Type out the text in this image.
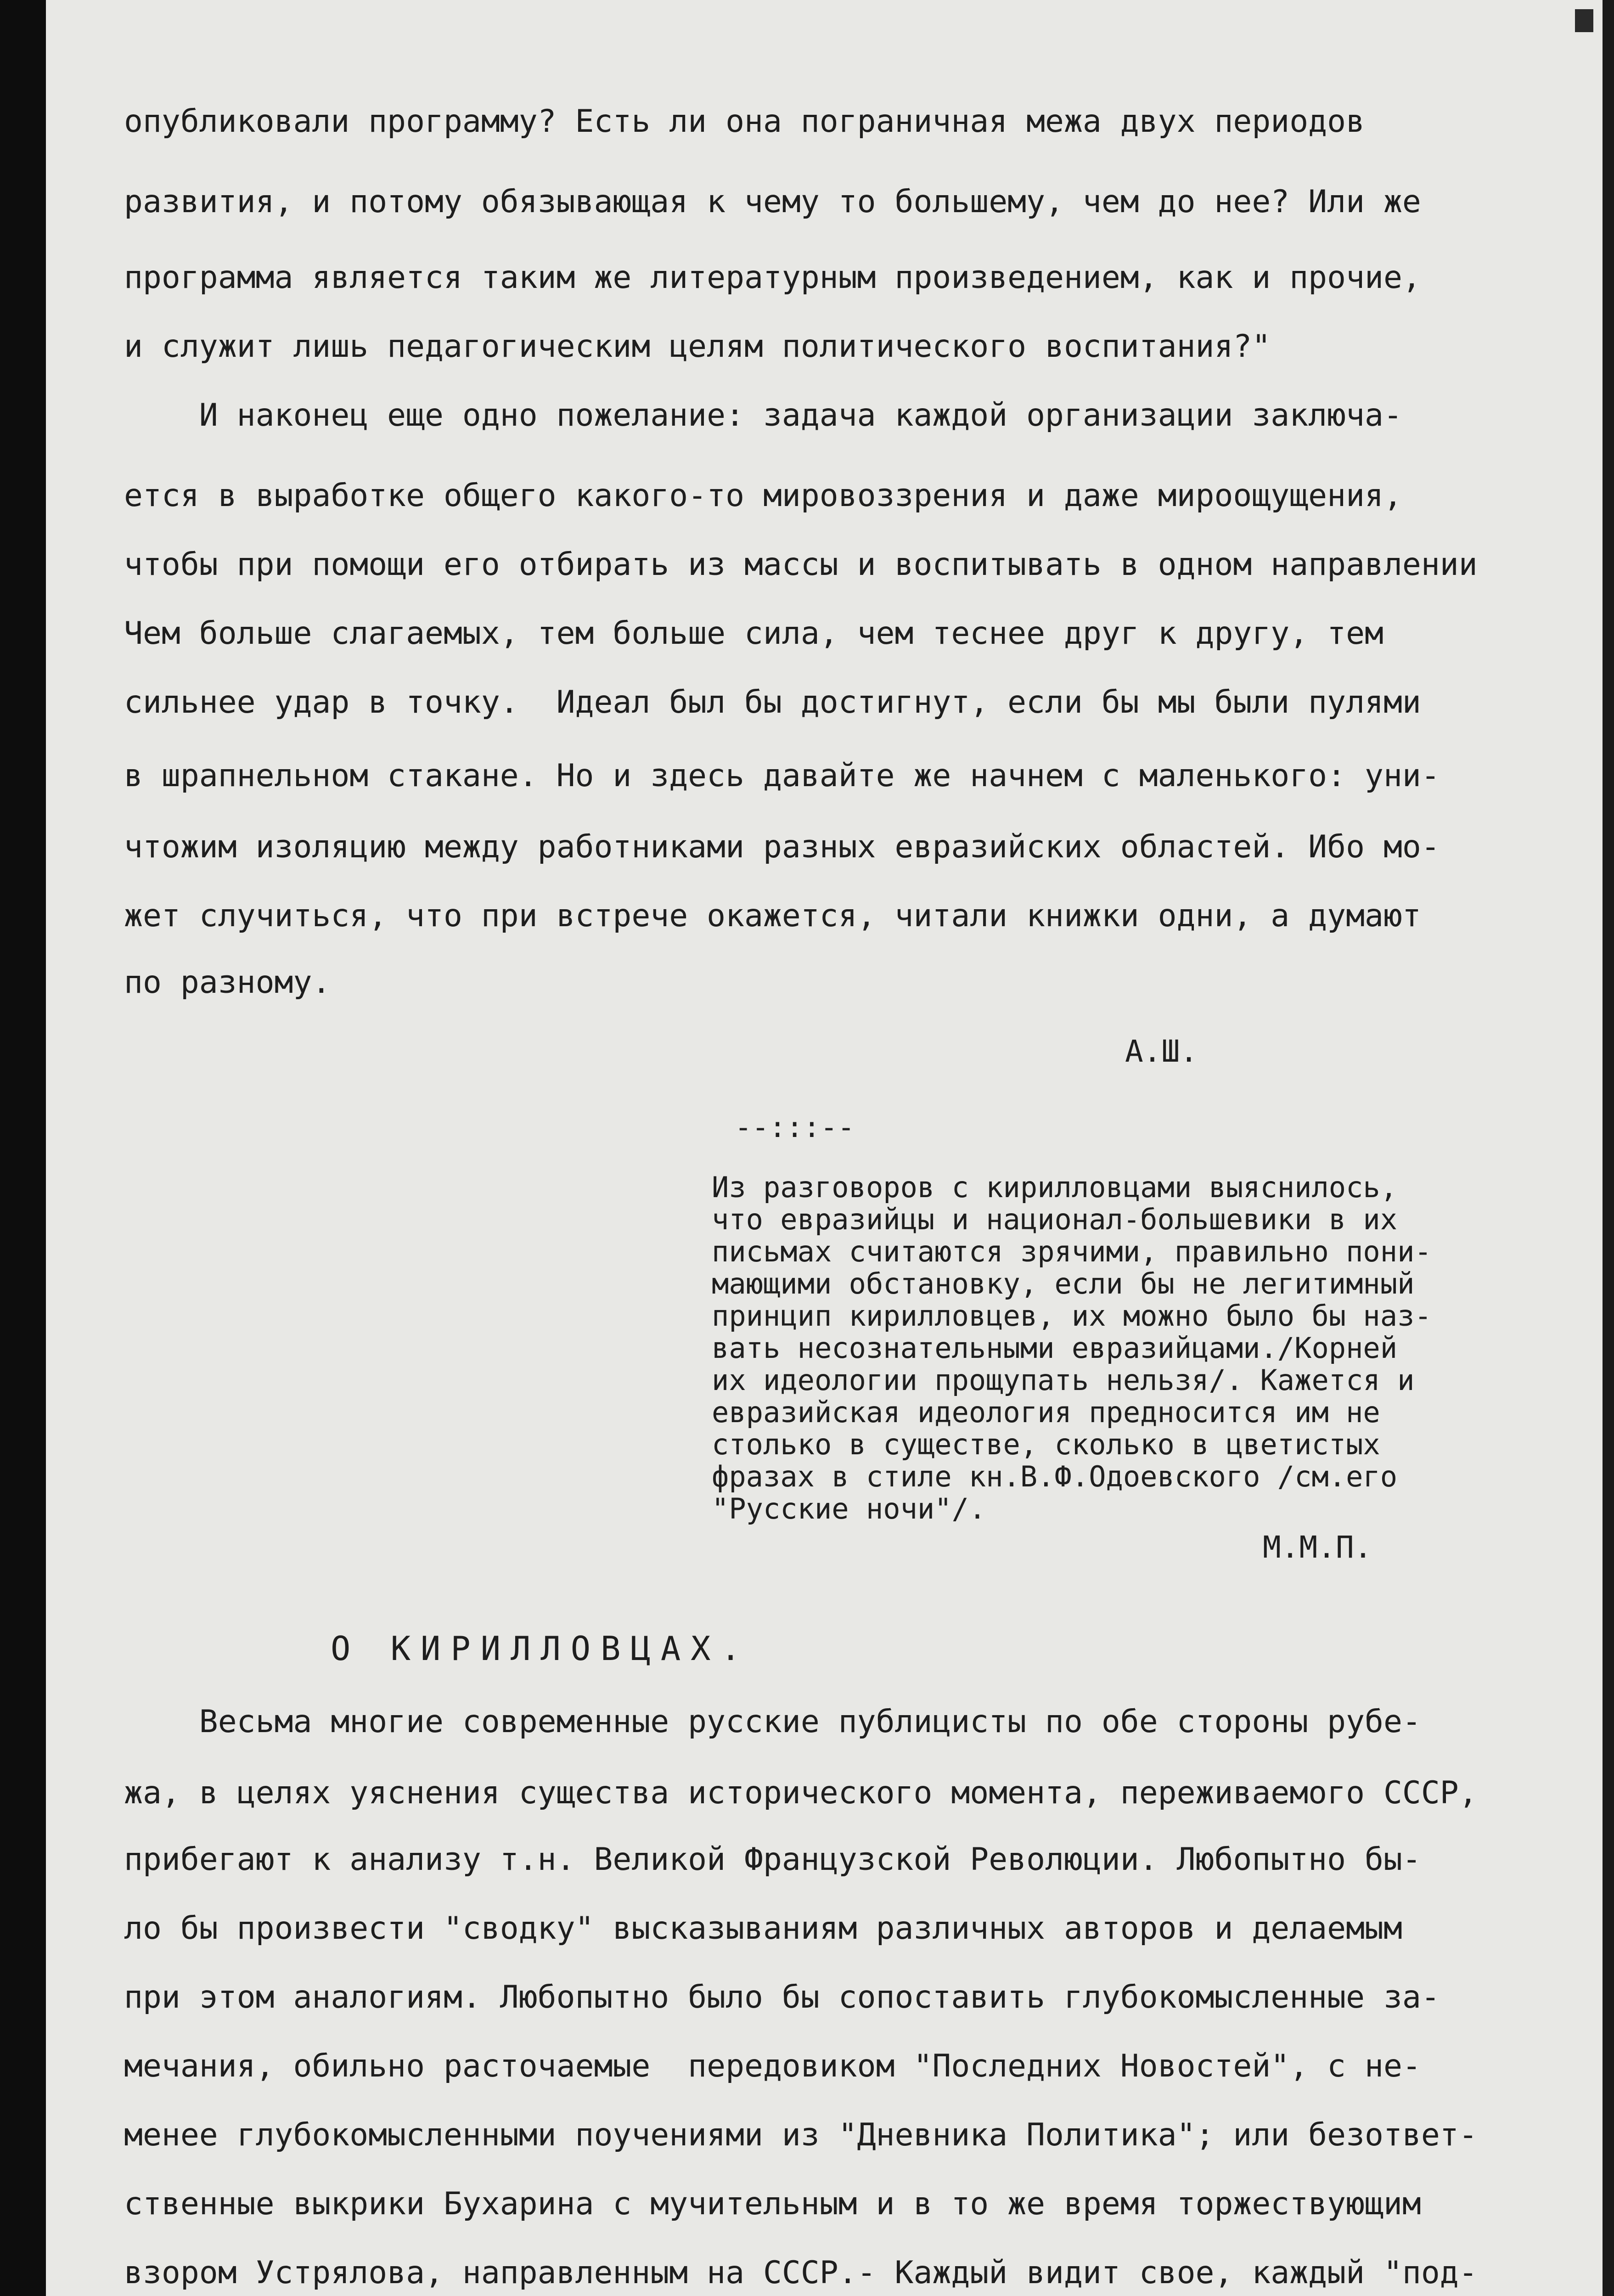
опубликовали программу? Есть ли она пограничная межа двух периодов
развития, и потому обязывающая к чему то большему, чем до нее? Или же
программа является таким же литературным произведением, как и прочие,
и служит лишь педагогическим целям политического воспитания?"
И наконец еще одно пожелание: задача каждой организации заключа-
ется в выработке общего какого-то мировоззрения и даже мироощущения,
чтобы при помощи его отбирать из массы и воспитывать в одном направлении
Чем больше слагаемых, тем больше сила, чем теснее друг к другу, тем
сильнее удар в точку.  Идеал был бы достигнут, если бы мы были пулями
в шрапнельном стакане. Но и здесь давайте же начнем с маленького: уни-
чтожим изоляцию между работниками разных евразийских областей. Ибо мо-
жет случиться, что при встрече окажется, читали книжки одни, а думают
по разному.
А.Ш.
--:::--
Из разговоров с кирилловцами выяснилось,
что евразийцы и национал-большевики в их
письмах считаются зрячими, правильно пони-
мающими обстановку, если бы не легитимный
принцип кирилловцев, их можно было бы наз-
вать несознательными евразийцами./Корней
их идеологии прощупать нельзя/. Кажется и
евразийская идеология предносится им не
столько в существе, сколько в цветистых
фразах в стиле кн.В.Ф.Одоевского /см.его
"Русские ночи"/.
М.М.П.
О КИРИЛЛОВЦАХ.
Весьма многие современные русские публицисты по обе стороны рубе-
жа, в целях уяснения существа исторического момента, переживаемого СССР,
прибегают к анализу т.н. Великой Французской Революции. Любопытно бы-
ло бы произвести "сводку" высказываниям различных авторов и делаемым
при этом аналогиям. Любопытно было бы сопоставить глубокомысленные за-
мечания, обильно расточаемые  передовиком "Последних Новостей", с не-
менее глубокомысленными поучениями из "Дневника Политика"; или безответ-
ственные выкрики Бухарина с мучительным и в то же время торжествующим
взором Устрялова, направленным на СССР.- Каждый видит свое, каждый "под-
